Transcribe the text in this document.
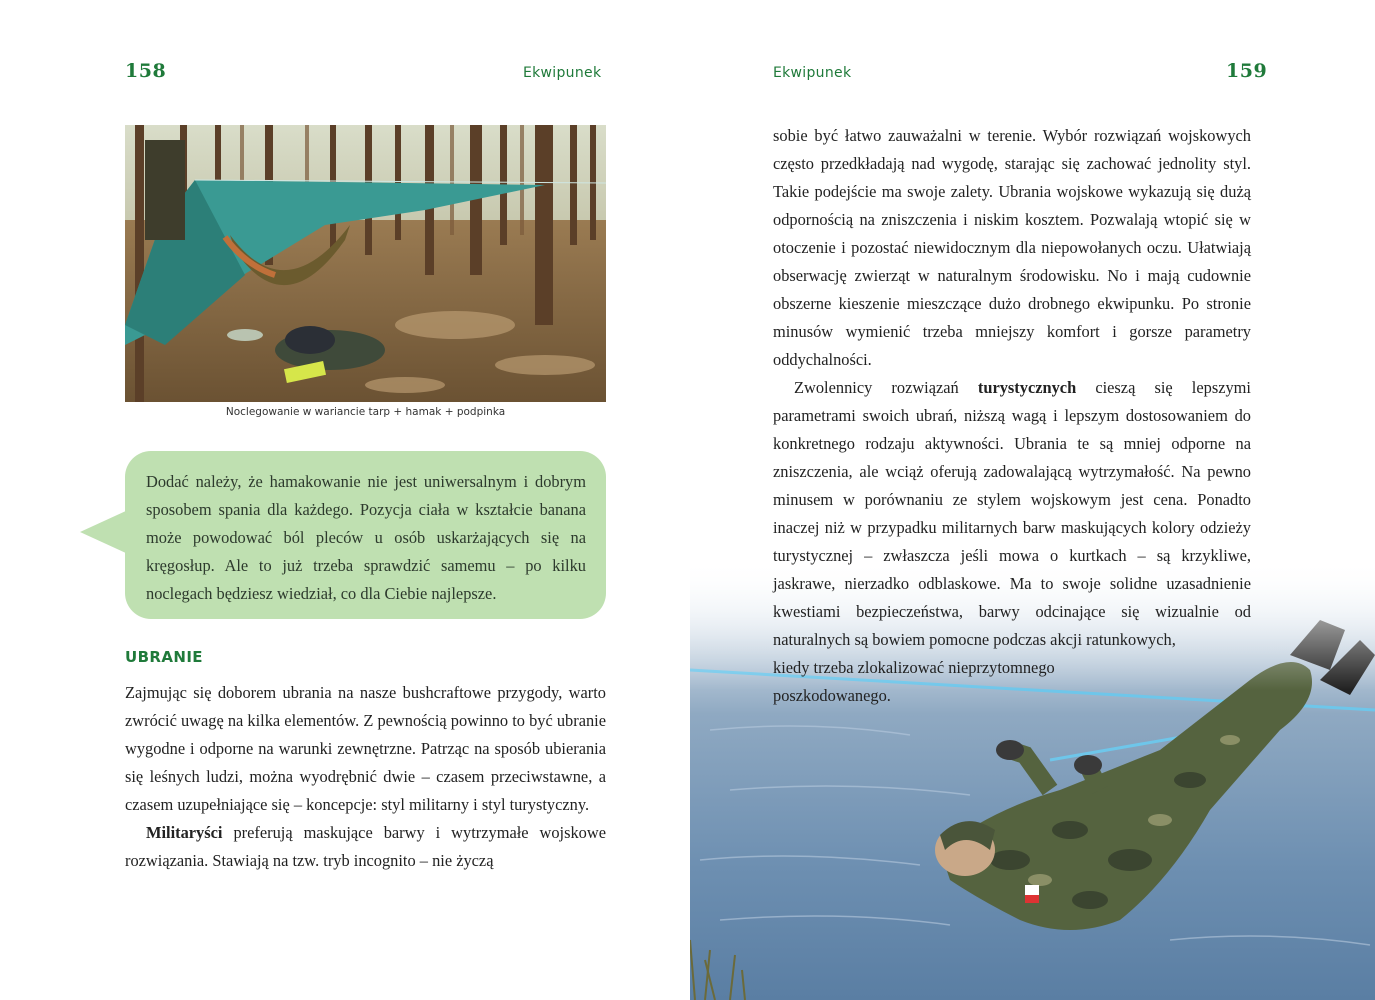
158	Ekwipunek
Noclegowanie w wariancie tarp + hamak + podpinka

Dodać należy, że hamakowanie nie jest uniwersalnym i dobrym sposobem spania dla każdego. Pozycja ciała w kształcie banana może powodować ból pleców u osób uskarżających się na kręgosłup. Ale to już trzeba sprawdzić samemu – po kilku noclegach będziesz wiedział, co dla Ciebie najlepsze.

UBRANIE

Zajmując się doborem ubrania na nasze bushcraftowe przygody, warto zwrócić uwagę na kilka elementów. Z pewnością powinno to być ubranie wygodne i odporne na warunki zewnętrzne. Patrząc na sposób ubierania się leśnych ludzi, można wyodrębnić dwie – czasem przeciwstawne, a czasem uzupełniające się – koncepcje: styl militarny i styl turystyczny.

Militaryści preferują maskujące barwy i wytrzymałe wojskowe rozwiązania. Stawiają na tzw. tryb incognito – nie życzą

Ekwipunek	159

sobie być łatwo zauważalni w terenie. Wybór rozwiązań wojskowych często przedkładają nad wygodę, starając się zachować jednolity styl. Takie podejście ma swoje zalety. Ubrania wojskowe wykazują się dużą odpornością na zniszczenia i niskim kosztem. Pozwalają wtopić się w otoczenie i pozostać niewidocznym dla niepowołanych oczu. Ułatwiają obserwację zwierząt w naturalnym środowisku. No i mają cudownie obszerne kieszenie mieszczące dużo drobnego ekwipunku. Po stronie minusów wymienić trzeba mniejszy komfort i gorsze parametry oddychalności.

Zwolennicy rozwiązań turystycznych cieszą się lepszymi parametrami swoich ubrań, niższą wagą i lepszym dostosowaniem do konkretnego rodzaju aktywności. Ubrania te są mniej odporne na zniszczenia, ale wciąż oferują zadowalającą wytrzymałość. Na pewno minusem w porównaniu ze stylem wojskowym jest cena. Ponadto inaczej niż w przypadku militarnych barw maskujących kolory odzieży turystycznej – zwłaszcza jeśli mowa o kurtkach – są krzykliwe, jaskrawe, nierzadko odblaskowe. Ma to swoje solidne uzasadnienie kwestiami bezpieczeństwa, barwy odcinające się wizualnie od naturalnych są bowiem pomocne podczas akcji ratunkowych,

kiedy trzeba zlokalizować nieprzytomnego

poszkodowanego.
